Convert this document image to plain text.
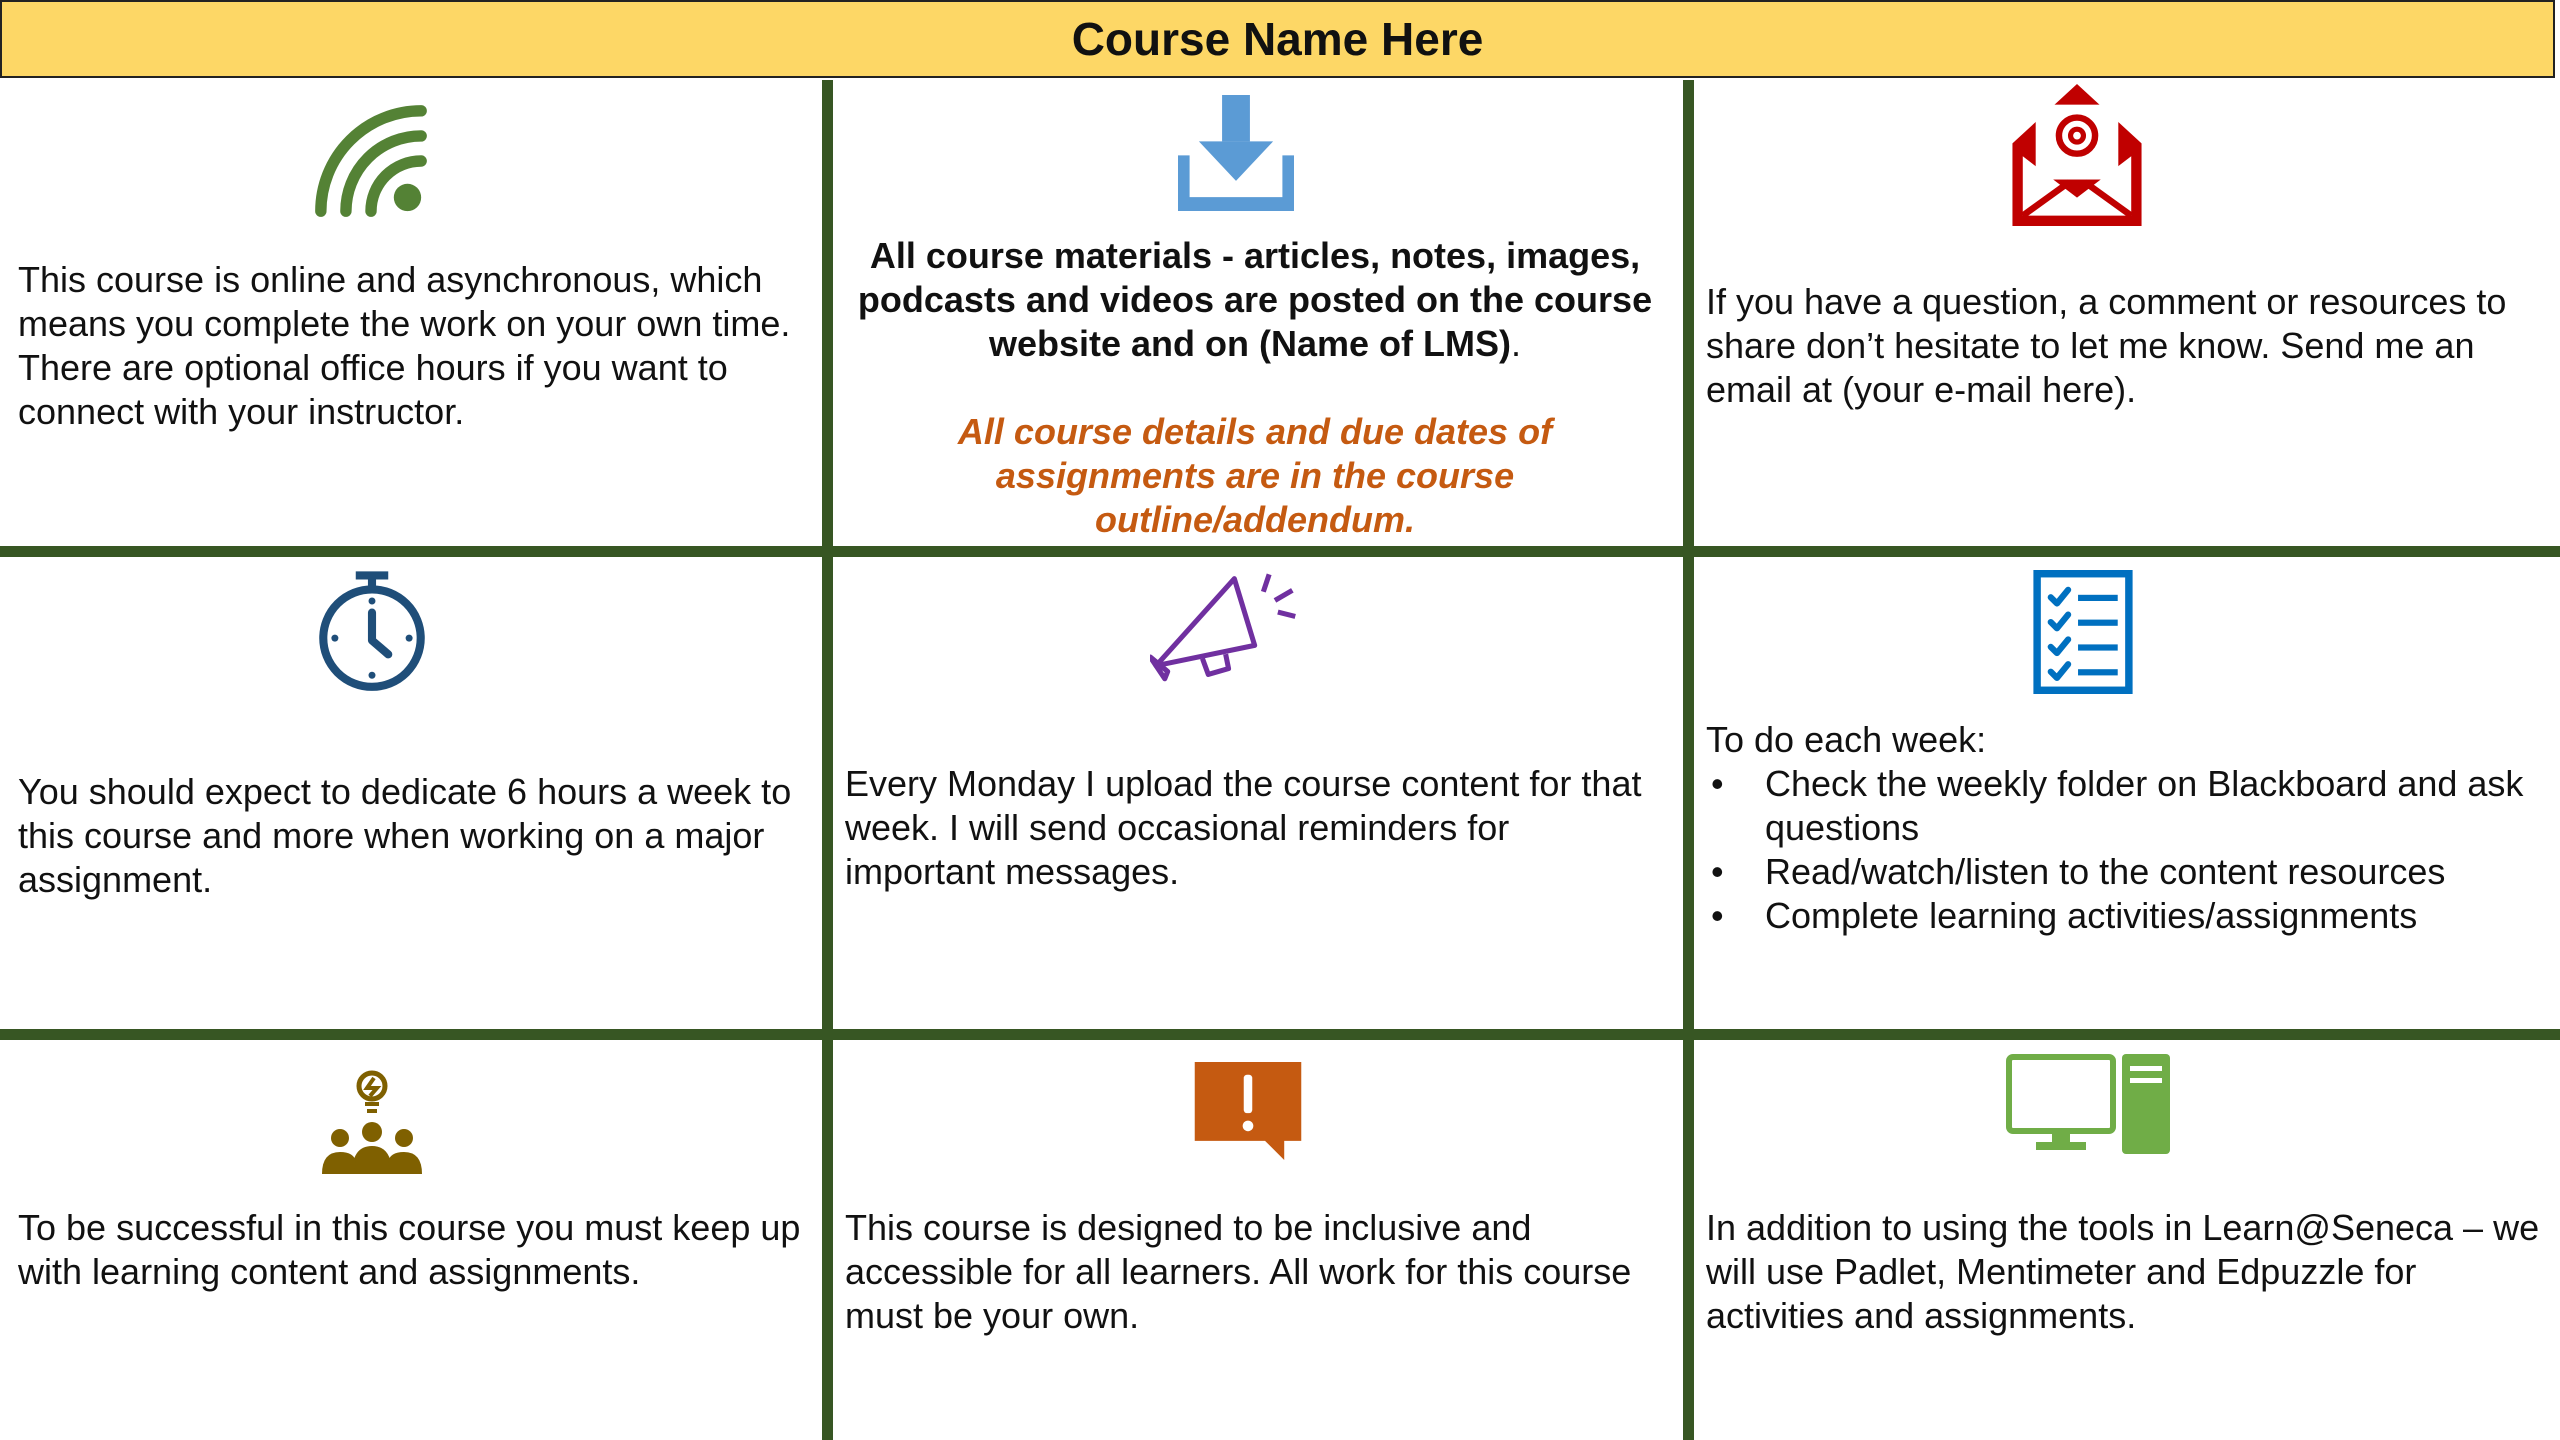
Course Name Here
This course is online and asynchronous, which means you complete the work on your own time. There are optional office hours if you want to connect with your instructor.
All course materials - articles, notes, images, podcasts and videos are posted on the course website and on (Name of LMS).
All course details and due dates of assignments are in the course outline/addendum.
If you have a question, a comment or resources to share don’t hesitate to let me know. Send me an email at (your e-mail here).
You should expect to dedicate 6 hours a week to this course and more when working on a major assignment.
Every Monday I upload the course content for that week. I will send occasional reminders for important messages.
To do each week:
• Check the weekly folder on Blackboard and ask questions
• Read/watch/listen to the content resources
• Complete learning activities/assignments
To be successful in this course you must keep up with learning content and assignments.
This course is designed to be inclusive and accessible for all learners. All work for this course must be your own.
In addition to using the tools in Learn@Seneca – we will use Padlet, Mentimeter and Edpuzzle for activities and assignments.
